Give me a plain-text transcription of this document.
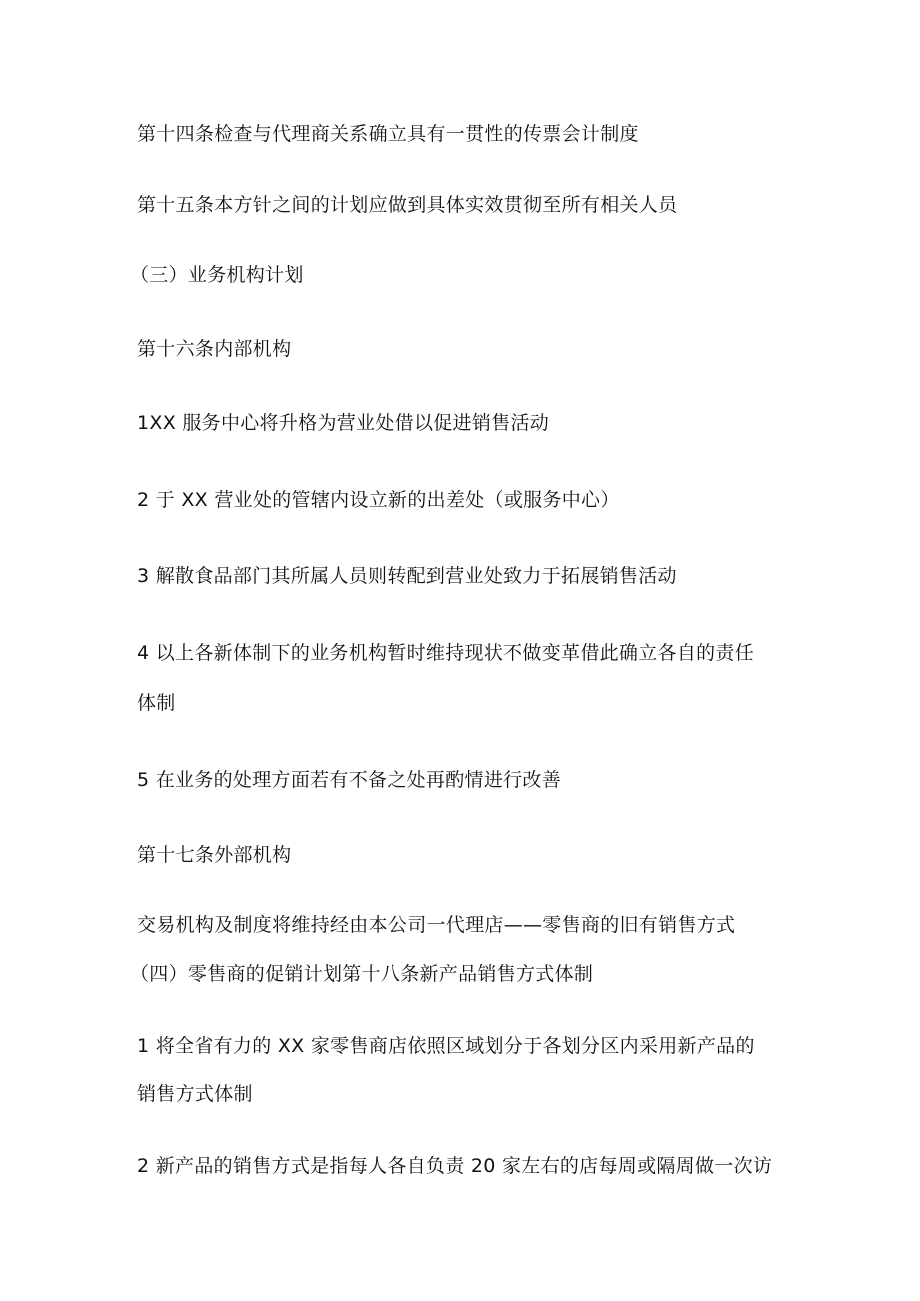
第十四条检查与代理商关系确立具有一贯性的传票会计制度
第十五条本方针之间的计划应做到具体实效贯彻至所有相关人员
（三）业务机构计划
第十六条内部机构
1XX 服务中心将升格为营业处借以促进销售活动
2 于 XX 营业处的管辖内设立新的出差处（或服务中心）
3 解散食品部门其所属人员则转配到营业处致力于拓展销售活动
4 以上各新体制下的业务机构暂时维持现状不做变革借此确立各自的责任
体制
5 在业务的处理方面若有不备之处再酌情进行改善
第十七条外部机构
交易机构及制度将维持经由本公司一代理店——零售商的旧有销售方式
（四）零售商的促销计划第十八条新产品销售方式体制
1 将全省有力的 XX 家零售商店依照区域划分于各划分区内采用新产品的
销售方式体制
2 新产品的销售方式是指每人各自负责 20 家左右的店每周或隔周做一次访
